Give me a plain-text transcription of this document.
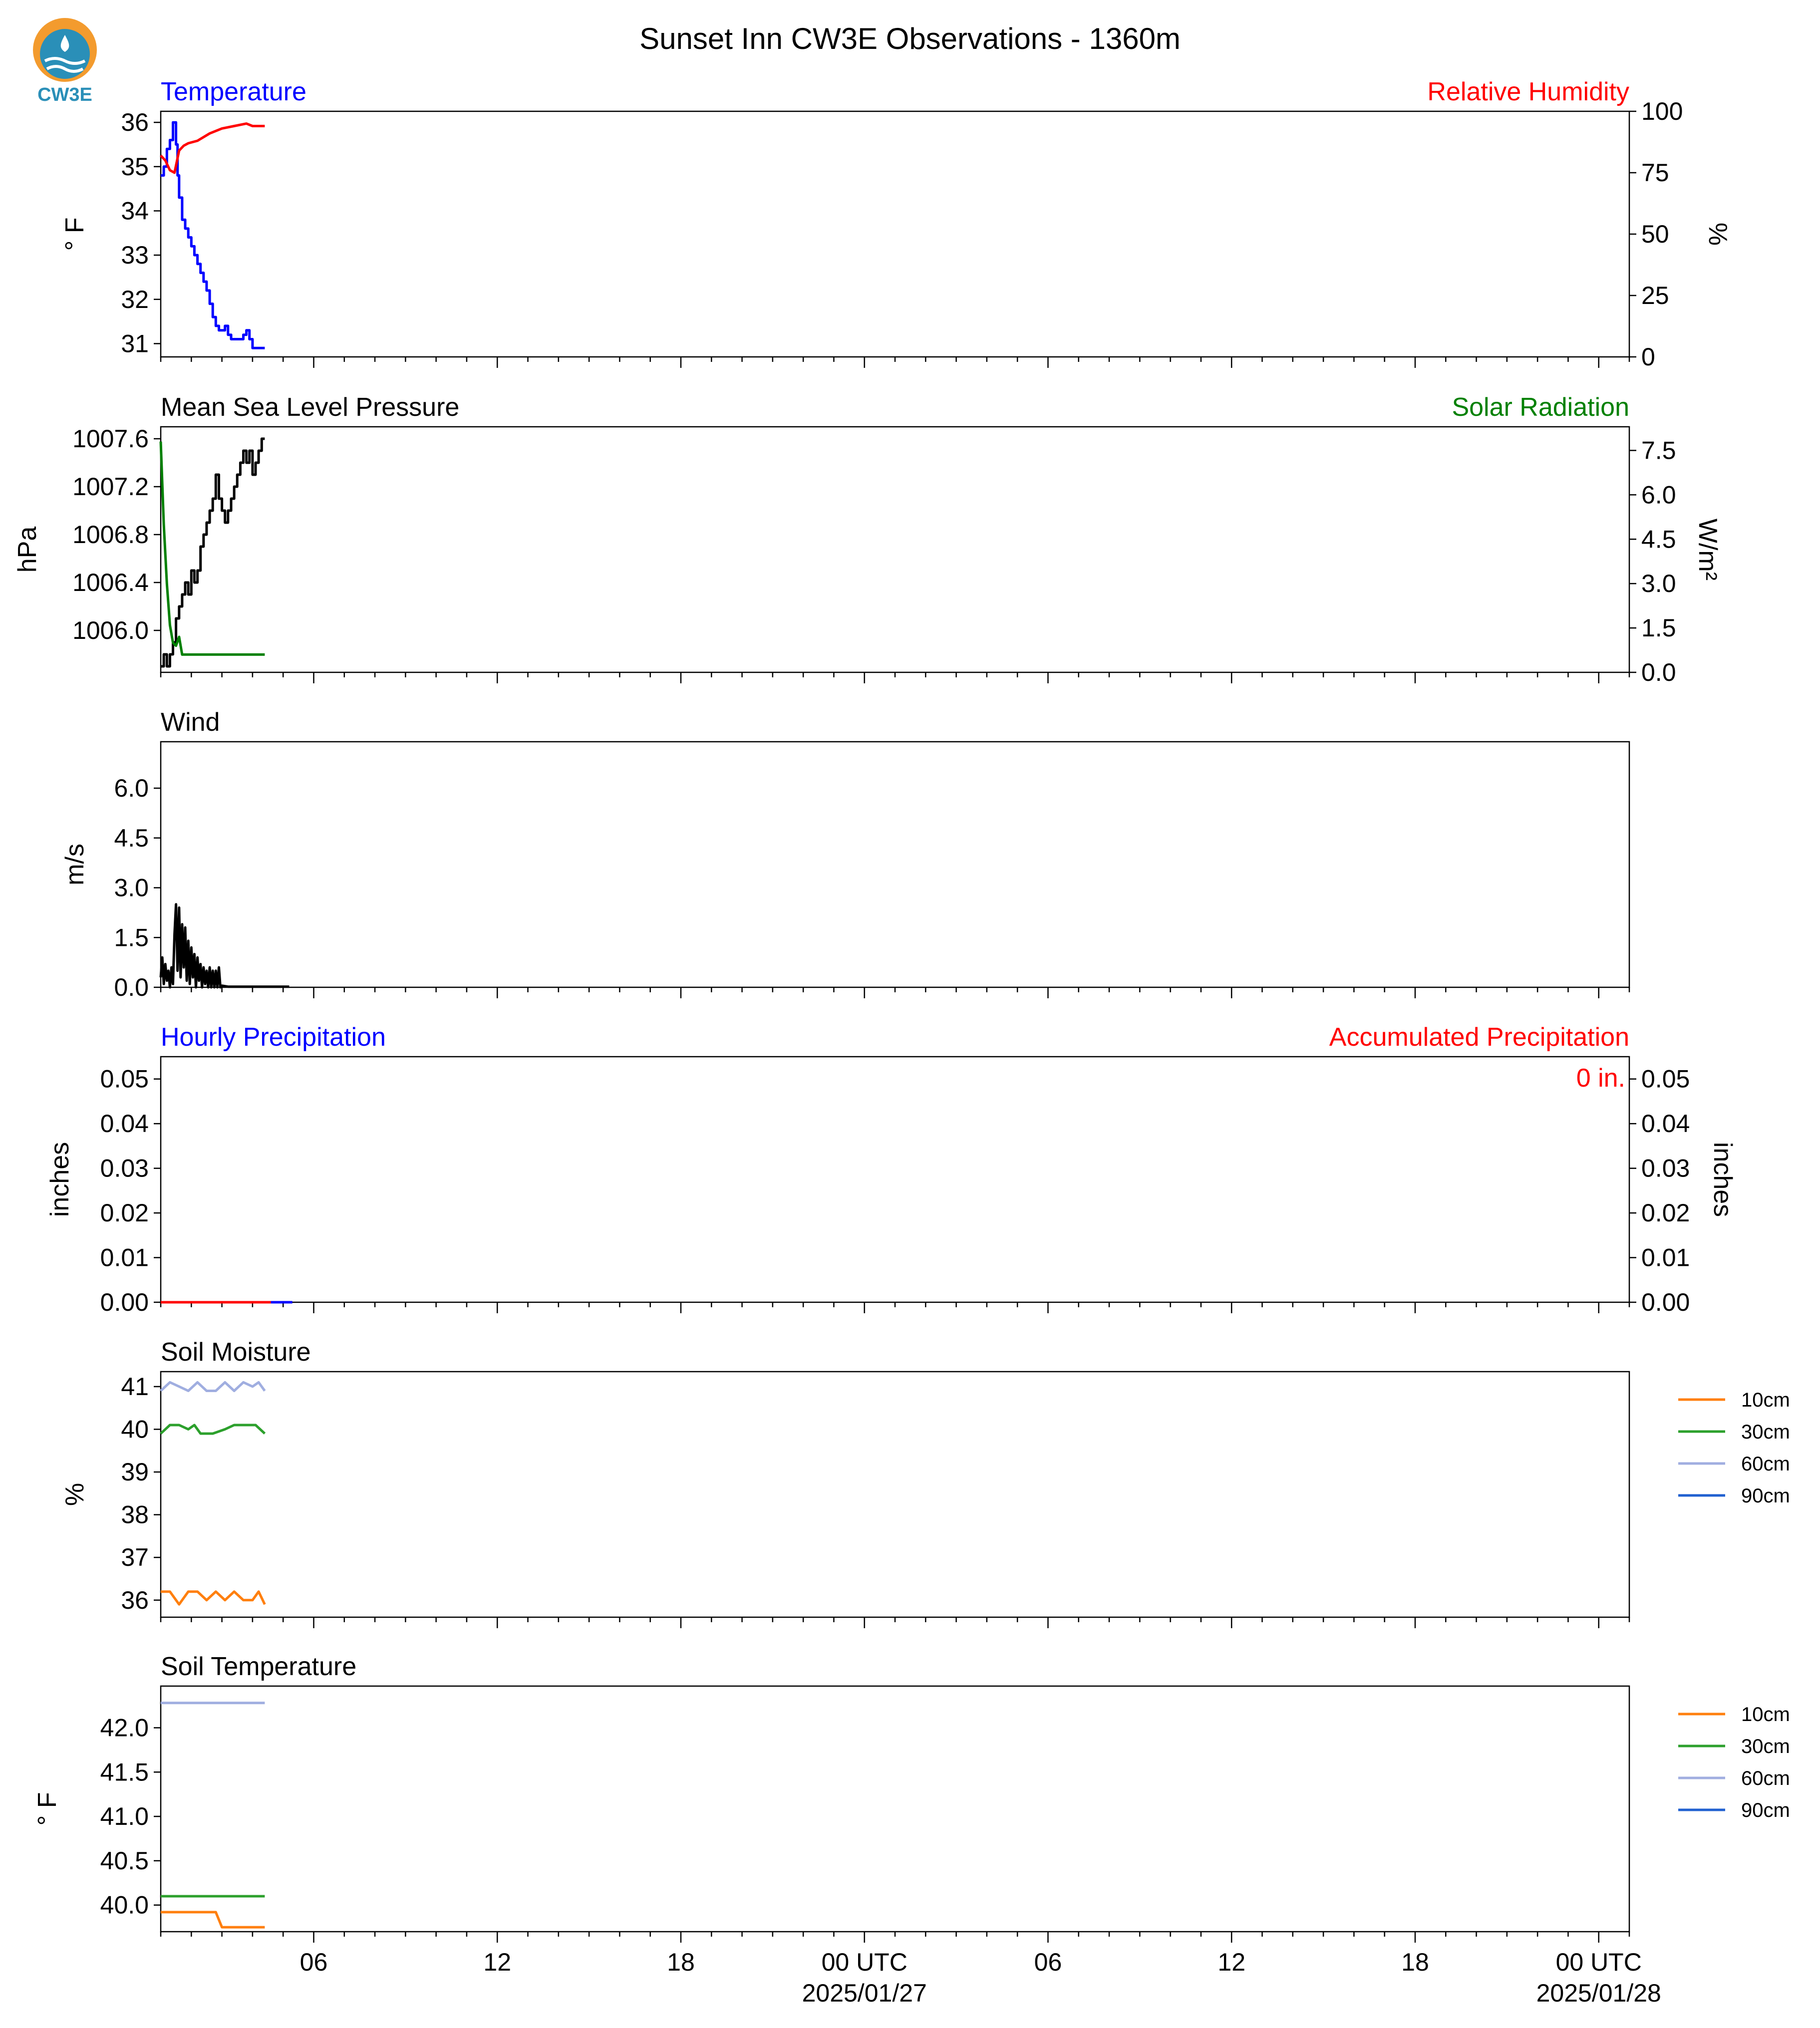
CW3E
Sunset Inn CW3E Observations - 1360m
Temperature	Relative Humidity
31
32
33
34
35
36
° F
0
25
50
75
100
%
Mean Sea Level Pressure	Solar Radiation
1006.0
1006.4
1006.8
1007.2
1007.6
hPa
0.0
1.5
3.0
4.5
6.0
7.5
W/m²
Wind
0.0
1.5
3.0
4.5
6.0
m/s
Hourly Precipitation	Accumulated Precipitation
0.00
0.01
0.02
0.03
0.04
0.05
inches
0.00
0.01
0.02
0.03
0.04
0.05
inches
0 in.
Soil Moisture
36
37
38
39
40
41
%
10cm
30cm
60cm
90cm
Soil Temperature
40.0
40.5
41.0
41.5
42.0
° F
06	12	18	00 UTC
2025/01/27
06	12	18	00 UTC
2025/01/28
10cm
30cm
60cm
90cm
